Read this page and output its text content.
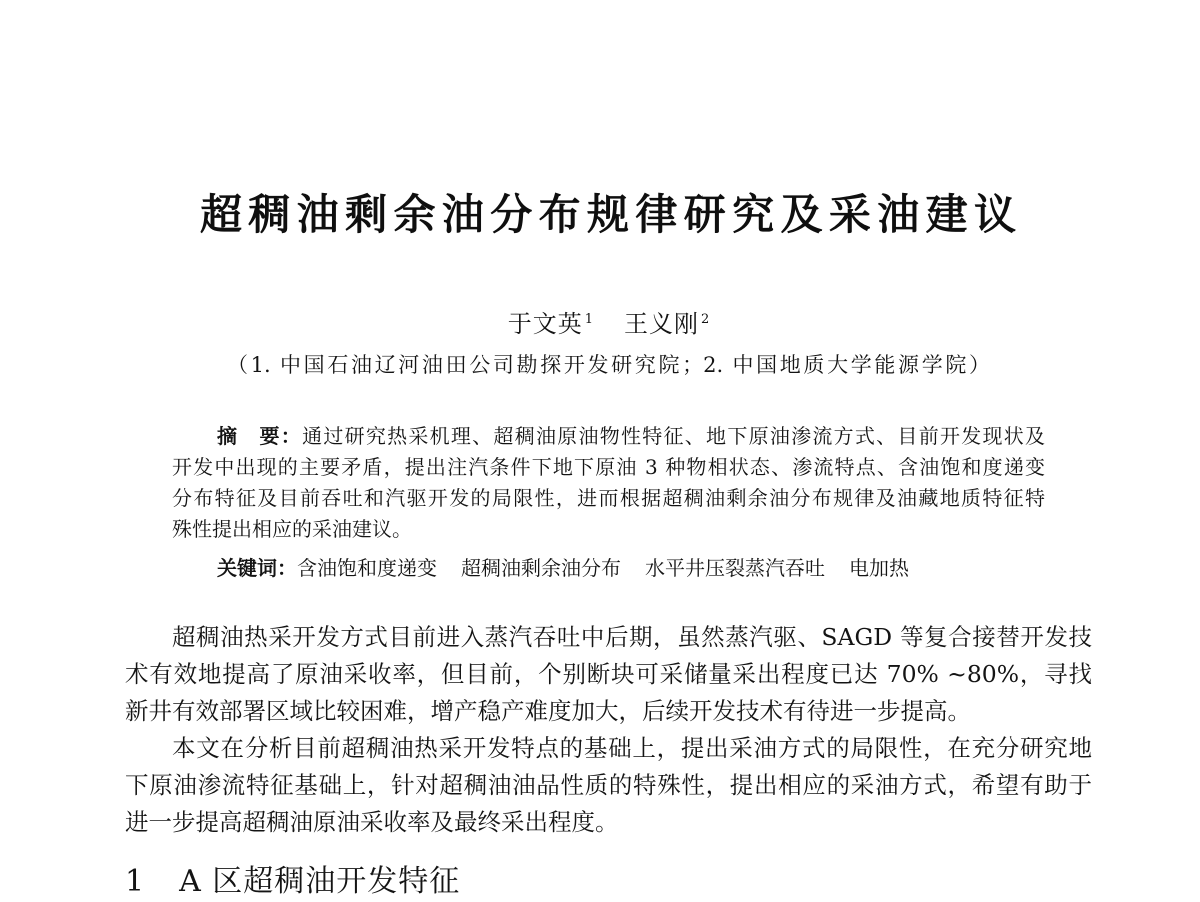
超稠油剩余油分布规律研究及采油建议
于文英 $^1$ 王义刚 $^2$
（1. 中国石油辽河油田公司勘探开发研究院；2. 中国地质大学能源学院）
摘　要：通过研究热采机理、超稠油原油物性特征、地下原油渗流方式、目前开发现状及
开发中出现的主要矛盾，提出注汽条件下地下原油 3 种物相状态、渗流特点、含油饱和度递变
分布特征及目前吞吐和汽驱开发的局限性，进而根据超稠油剩余油分布规律及油藏地质特征特
殊性提出相应的采油建议。
关键词：含油饱和度递变 超稠油剩余油分布 水平井压裂蒸汽吞吐 电加热
超稠油热采开发方式目前进入蒸汽吞吐中后期，虽然蒸汽驱、SAGD 等复合接替开发技
术有效地提高了原油采收率，但目前，个别断块可采储量采出程度已达 70% ~80%，寻找
新井有效部署区域比较困难，增产稳产难度加大，后续开发技术有待进一步提高。
本文在分析目前超稠油热采开发特点的基础上，提出采油方式的局限性，在充分研究地
下原油渗流特征基础上，针对超稠油油品性质的特殊性，提出相应的采油方式，希望有助于
进一步提高超稠油原油采收率及最终采出程度。
1 A 区超稠油开发特征
